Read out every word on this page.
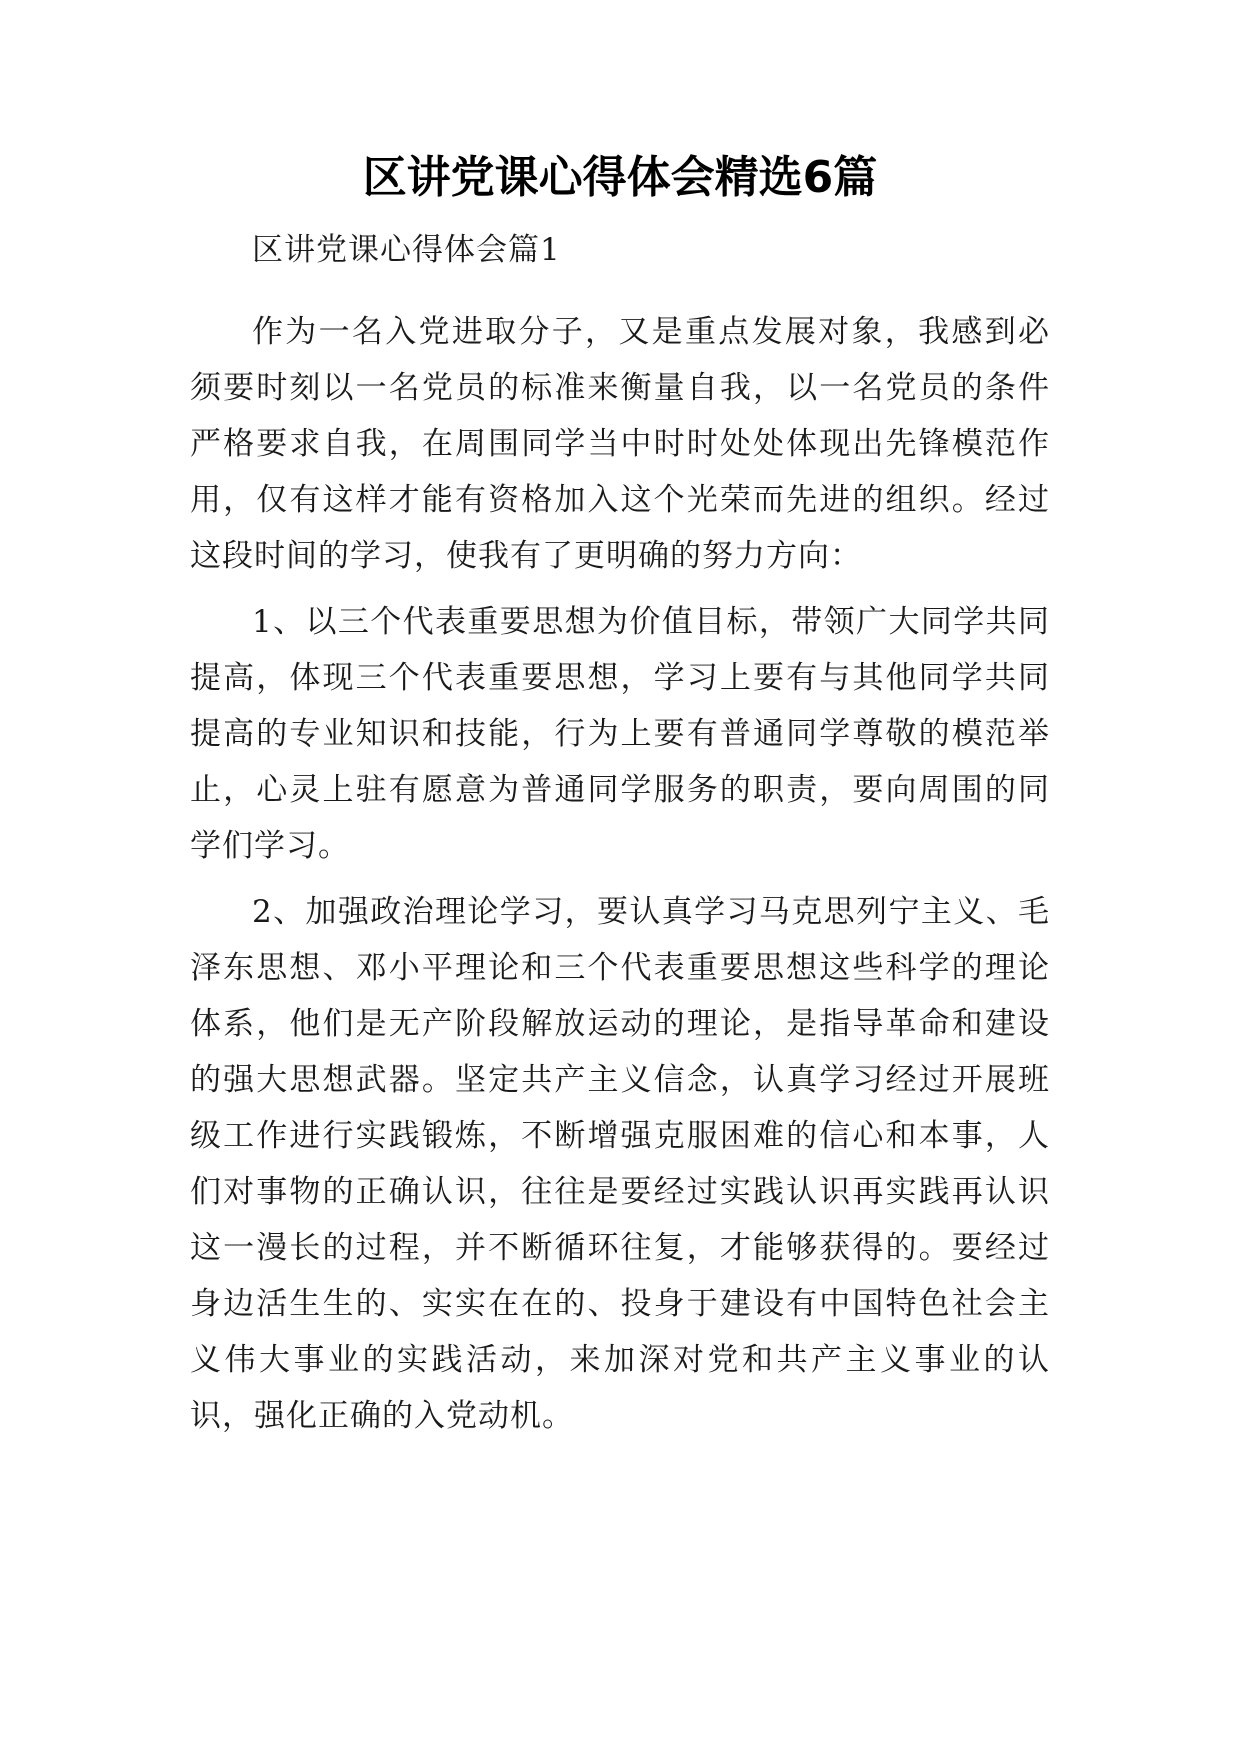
区讲党课心得体会精选6篇

区讲党课心得体会篇1

作为一名入党进取分子，又是重点发展对象，我感到必须要时刻以一名党员的标准来衡量自我，以一名党员的条件严格要求自我，在周围同学当中时时处处体现出先锋模范作用，仅有这样才能有资格加入这个光荣而先进的组织。经过这段时间的学习，使我有了更明确的努力方向：

1、以三个代表重要思想为价值目标，带领广大同学共同提高，体现三个代表重要思想，学习上要有与其他同学共同提高的专业知识和技能，行为上要有普通同学尊敬的模范举止，心灵上驻有愿意为普通同学服务的职责，要向周围的同学们学习。

2、加强政治理论学习，要认真学习马克思列宁主义、毛泽东思想、邓小平理论和三个代表重要思想这些科学的理论体系，他们是无产阶段解放运动的理论，是指导革命和建设的强大思想武器。坚定共产主义信念，认真学习经过开展班级工作进行实践锻炼，不断增强克服困难的信心和本事，人们对事物的正确认识，往往是要经过实践认识再实践再认识这一漫长的过程，并不断循环往复，才能够获得的。要经过身边活生生的、实实在在的、投身于建设有中国特色社会主义伟大事业的实践活动，来加深对党和共产主义事业的认识，强化正确的入党动机。
